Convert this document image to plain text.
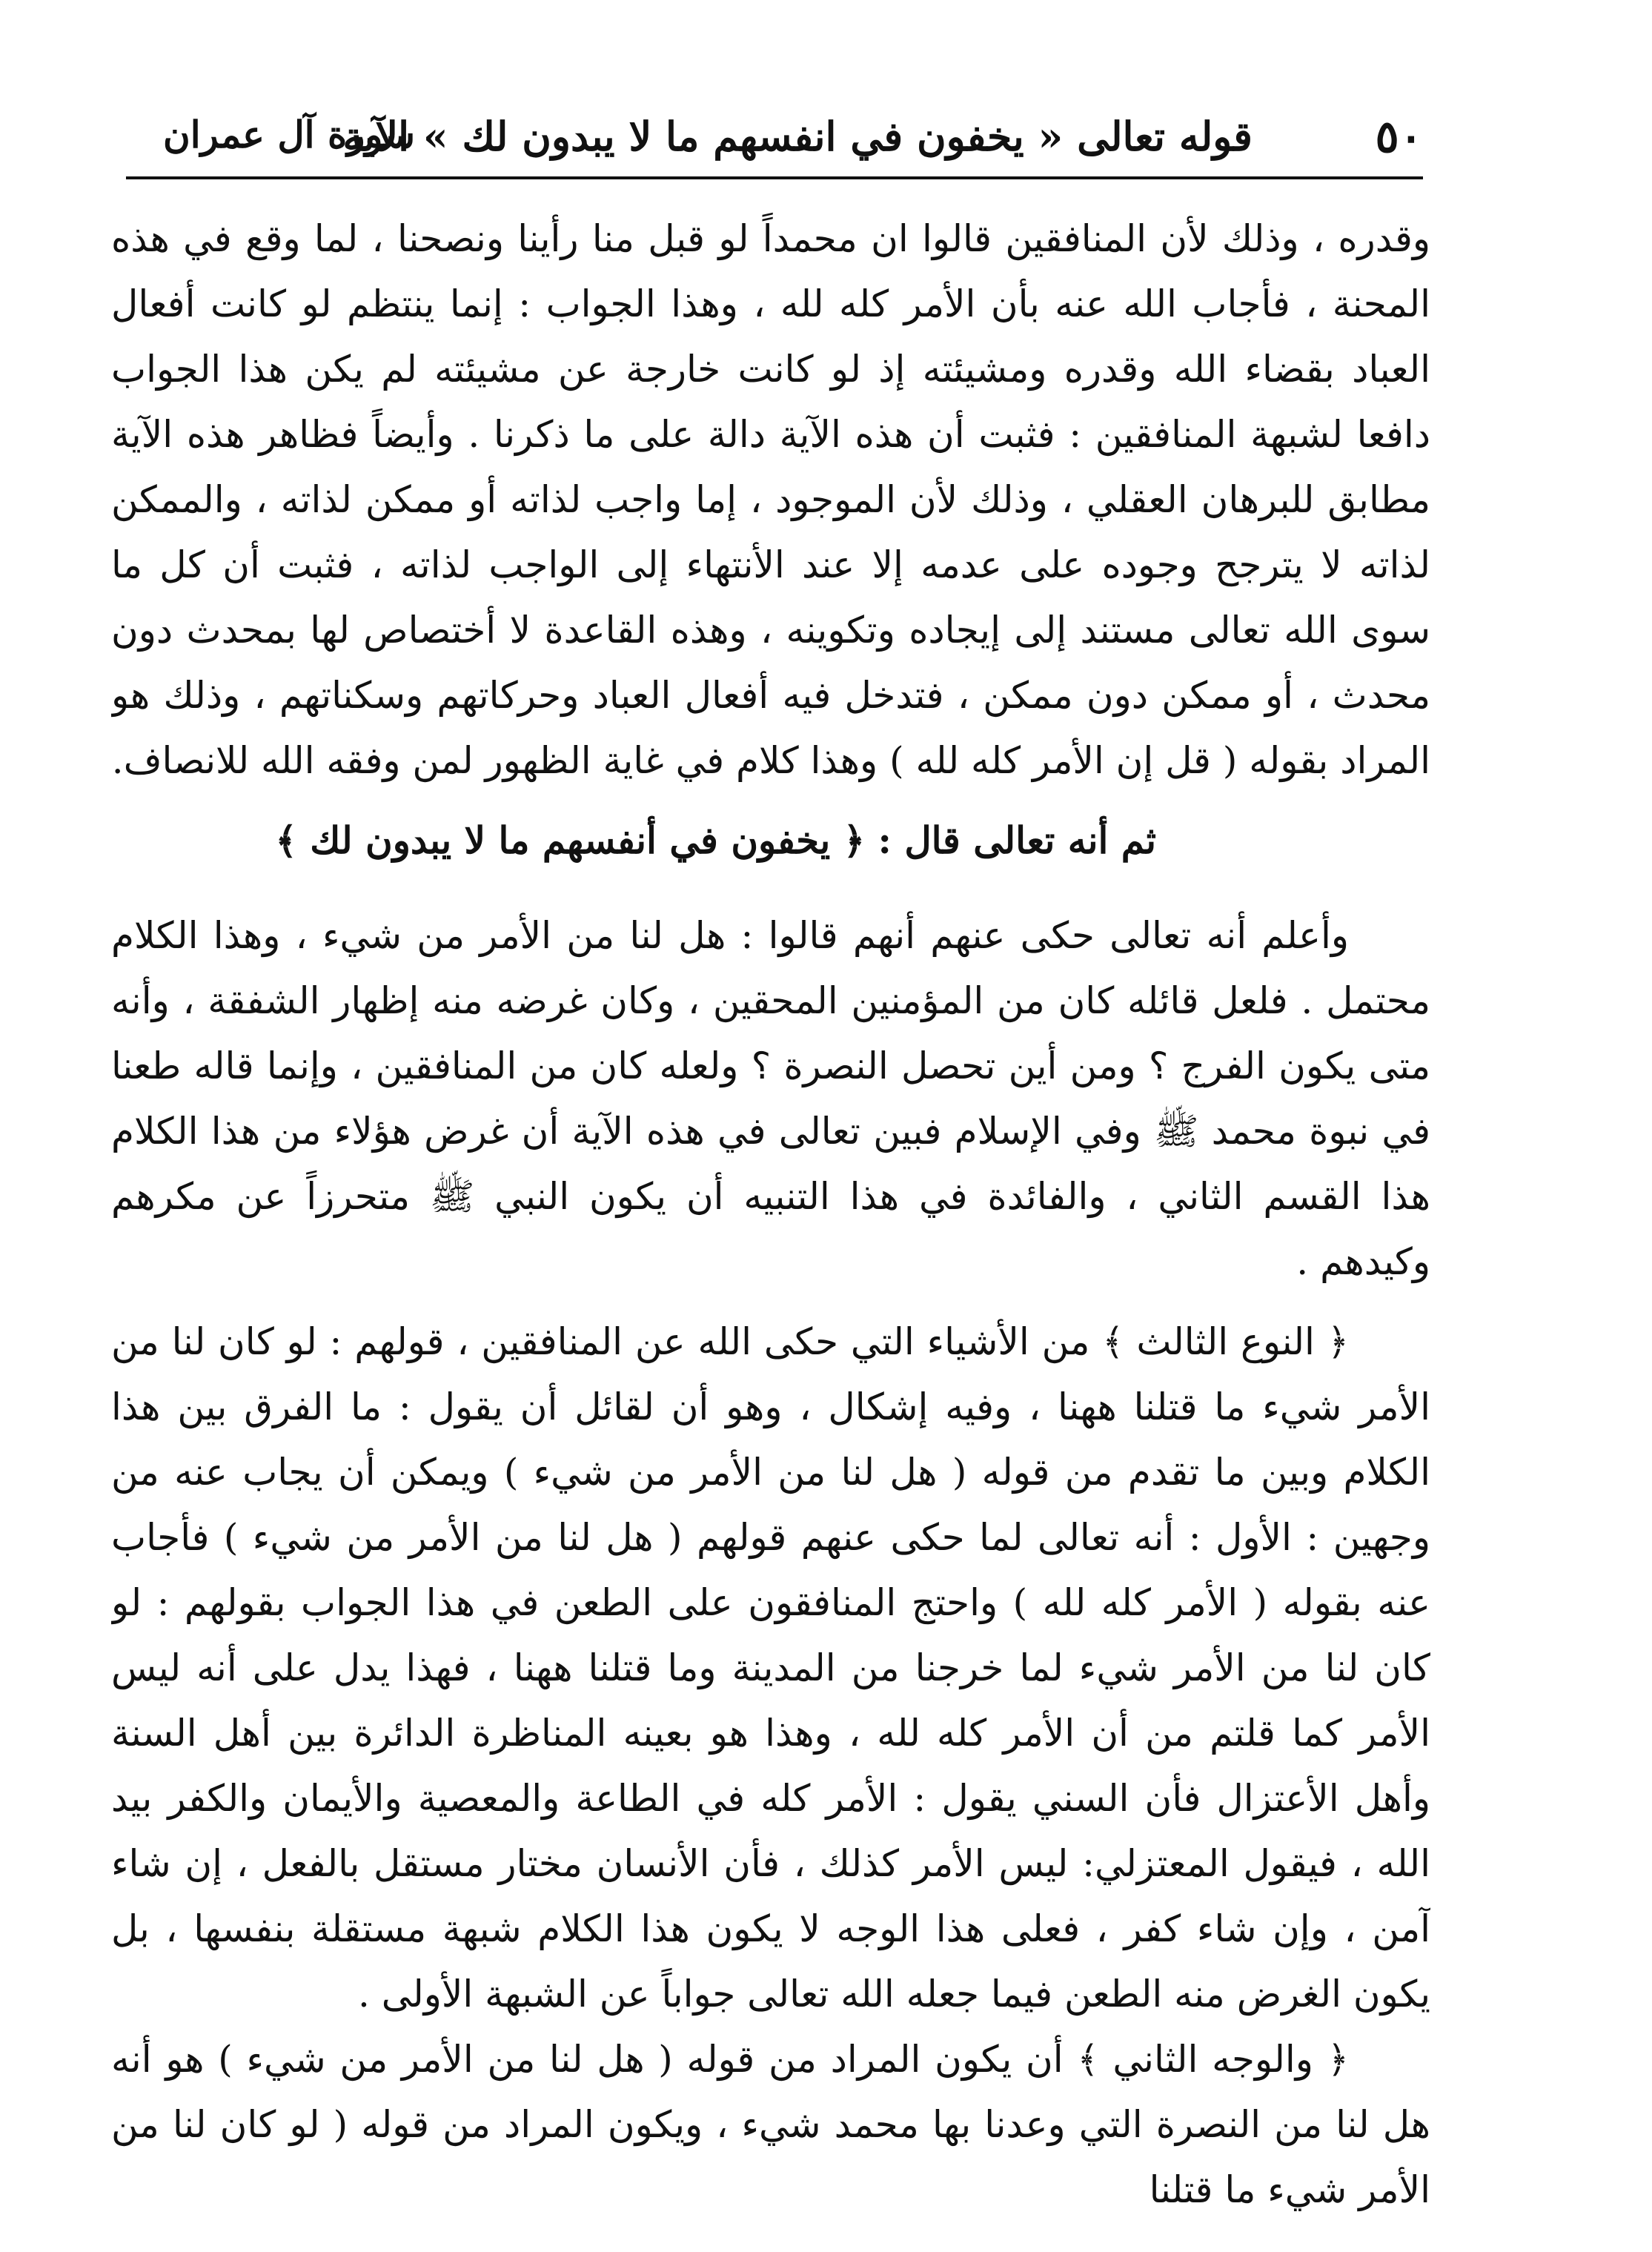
٥٠
قوله تعالى « يخفون في انفسهم ما لا يبدون لك » الآية
سورة آل عمران

وقدره ، وذلك لأن المنافقين قالوا ان محمداً لو قبل منا رأينا ونصحنا ، لما وقع في هذه المحنة ، فأجاب الله عنه بأن الأمر كله لله ، وهذا الجواب : إنما ينتظم لو كانت أفعال العباد بقضاء الله وقدره ومشيئته إذ لو كانت خارجة عن مشيئته لم يكن هذا الجواب دافعا لشبهة المنافقين : فثبت أن هذه الآية دالة على ما ذكرنا . وأيضاً فظاهر هذه الآية مطابق للبرهان العقلي ، وذلك لأن الموجود ، إما واجب لذاته أو ممكن لذاته ، والممكن لذاته لا يترجح وجوده على عدمه إلا عند الأنتهاء إلى الواجب لذاته ، فثبت أن كل ما سوى الله تعالى مستند إلى إيجاده وتكوينه ، وهذه القاعدة لا أختصاص لها بمحدث دون محدث ، أو ممكن دون ممكن ، فتدخل فيه أفعال العباد وحركاتهم وسكناتهم ، وذلك هو المراد بقوله ( قل إن الأمر كله لله ) وهذا كلام في غاية الظهور لمن وفقه الله للانصاف.

ثم أنه تعالى قال : ﴿ يخفون في أنفسهم ما لا يبدون لك ﴾

وأعلم أنه تعالى حكى عنهم أنهم قالوا : هل لنا من الأمر من شيء ، وهذا الكلام محتمل . فلعل قائله كان من المؤمنين المحقين ، وكان غرضه منه إظهار الشفقة ، وأنه متى يكون الفرج ؟ ومن أين تحصل النصرة ؟ ولعله كان من المنافقين ، وإنما قاله طعنا في نبوة محمد ﷺ وفي الإسلام فبين تعالى في هذه الآية أن غرض هؤلاء من هذا الكلام هذا القسم الثاني ، والفائدة في هذا التنبيه أن يكون النبي ﷺ متحرزاً عن مكرهم وكيدهم .

﴿ النوع الثالث ﴾ من الأشياء التي حكى الله عن المنافقين ، قولهم : لو كان لنا من الأمر شيء ما قتلنا ههنا ، وفيه إشكال ، وهو أن لقائل أن يقول : ما الفرق بين هذا الكلام وبين ما تقدم من قوله ( هل لنا من الأمر من شيء ) ويمكن أن يجاب عنه من وجهين : الأول : أنه تعالى لما حكى عنهم قولهم ( هل لنا من الأمر من شيء ) فأجاب عنه بقوله ( الأمر كله لله ) واحتج المنافقون على الطعن في هذا الجواب بقولهم : لو كان لنا من الأمر شيء لما خرجنا من المدينة وما قتلنا ههنا ، فهذا يدل على أنه ليس الأمر كما قلتم من أن الأمر كله لله ، وهذا هو بعينه المناظرة الدائرة بين أهل السنة وأهل الأعتزال فأن السني يقول : الأمر كله في الطاعة والمعصية والأيمان والكفر بيد الله ، فيقول المعتزلي: ليس الأمر كذلك ، فأن الأنسان مختار مستقل بالفعل ، إن شاء آمن ، وإن شاء كفر ، فعلى هذا الوجه لا يكون هذا الكلام شبهة مستقلة بنفسها ، بل يكون الغرض منه الطعن فيما جعله الله تعالى جواباً عن الشبهة الأولى .

﴿ والوجه الثاني ﴾ أن يكون المراد من قوله ( هل لنا من الأمر من شيء ) هو أنه هل لنا من النصرة التي وعدنا بها محمد شيء ، ويكون المراد من قوله ( لو كان لنا من الأمر شيء ما قتلنا
